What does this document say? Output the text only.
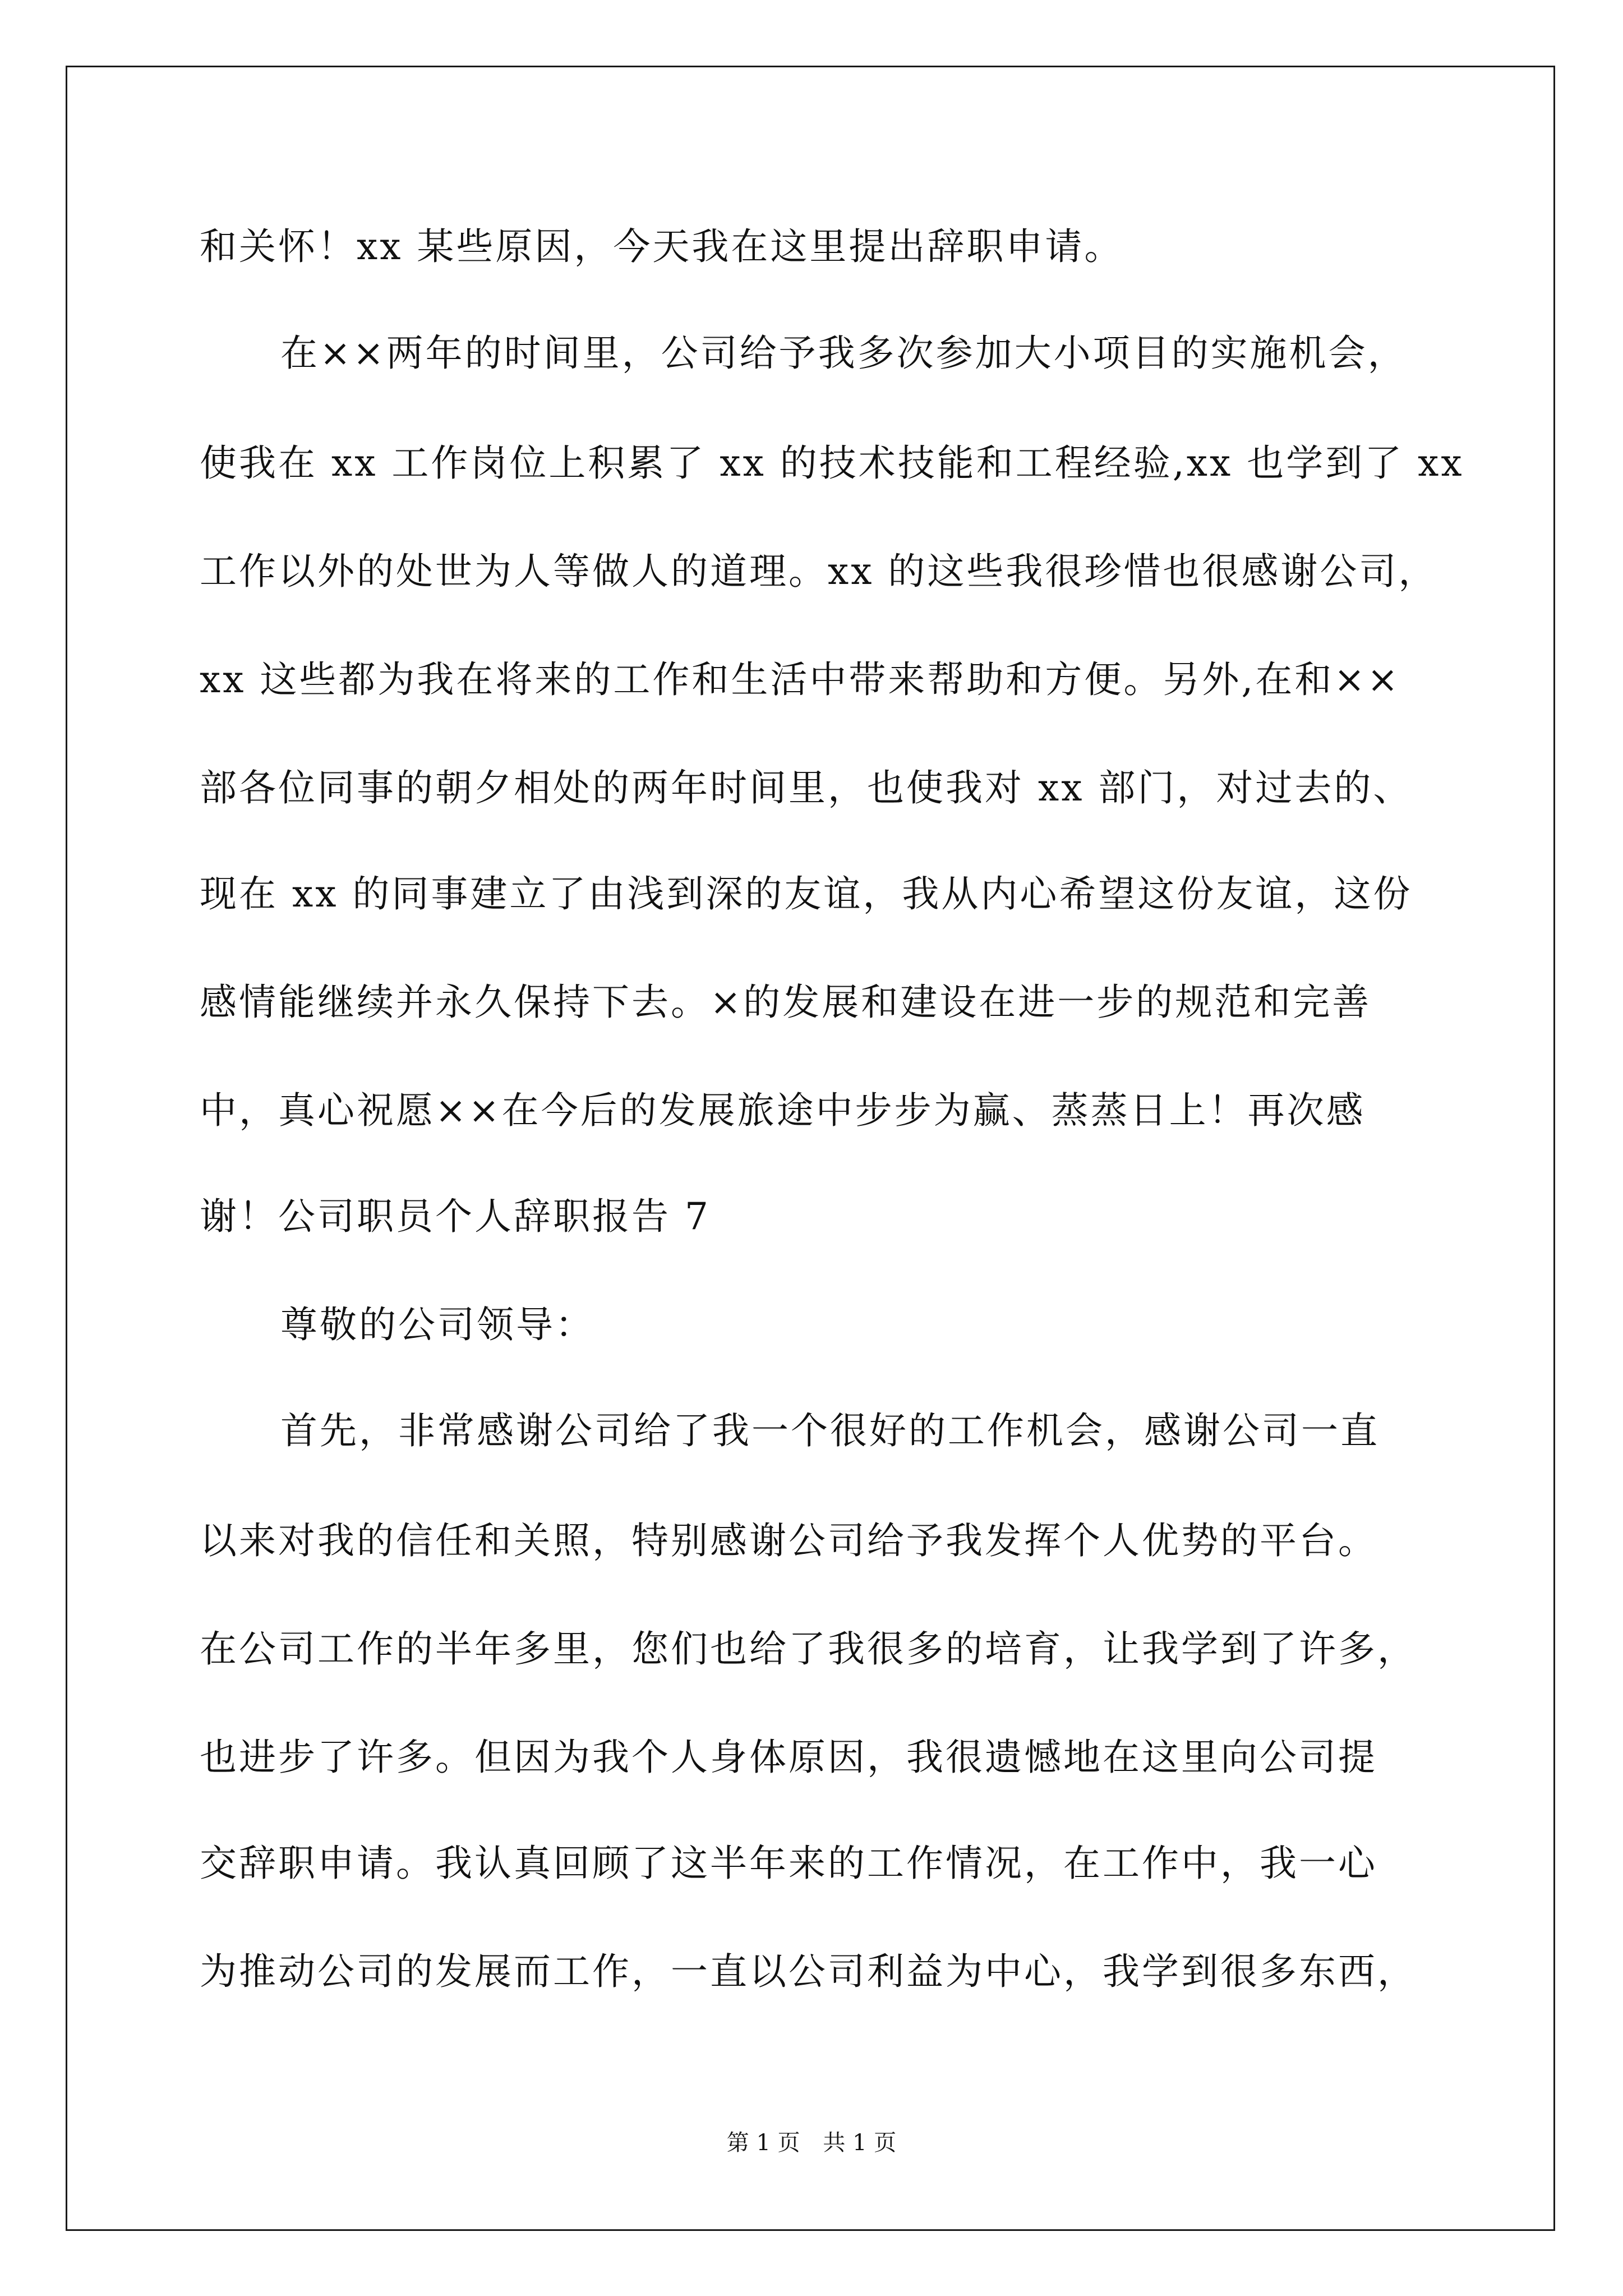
和关怀！xx 某些原因，今天我在这里提出辞职申请。
在××两年的时间里，公司给予我多次参加大小项目的实施机会，
使我在 xx 工作岗位上积累了 xx 的技术技能和工程经验,xx 也学到了 xx
工作以外的处世为人等做人的道理。xx 的这些我很珍惜也很感谢公司，
xx 这些都为我在将来的工作和生活中带来帮助和方便。另外,在和××
部各位同事的朝夕相处的两年时间里，也使我对 xx 部门，对过去的、
现在 xx 的同事建立了由浅到深的友谊，我从内心希望这份友谊，这份
感情能继续并永久保持下去。×的发展和建设在进一步的规范和完善
中，真心祝愿××在今后的发展旅途中步步为赢、蒸蒸日上！再次感
谢！公司职员个人辞职报告 7
尊敬的公司领导：
首先，非常感谢公司给了我一个很好的工作机会，感谢公司一直
以来对我的信任和关照，特别感谢公司给予我发挥个人优势的平台。
在公司工作的半年多里，您们也给了我很多的培育，让我学到了许多，
也进步了许多。但因为我个人身体原因，我很遗憾地在这里向公司提
交辞职申请。我认真回顾了这半年来的工作情况，在工作中，我一心
为推动公司的发展而工作，一直以公司利益为中心，我学到很多东西，
第 1 页 共 1 页
